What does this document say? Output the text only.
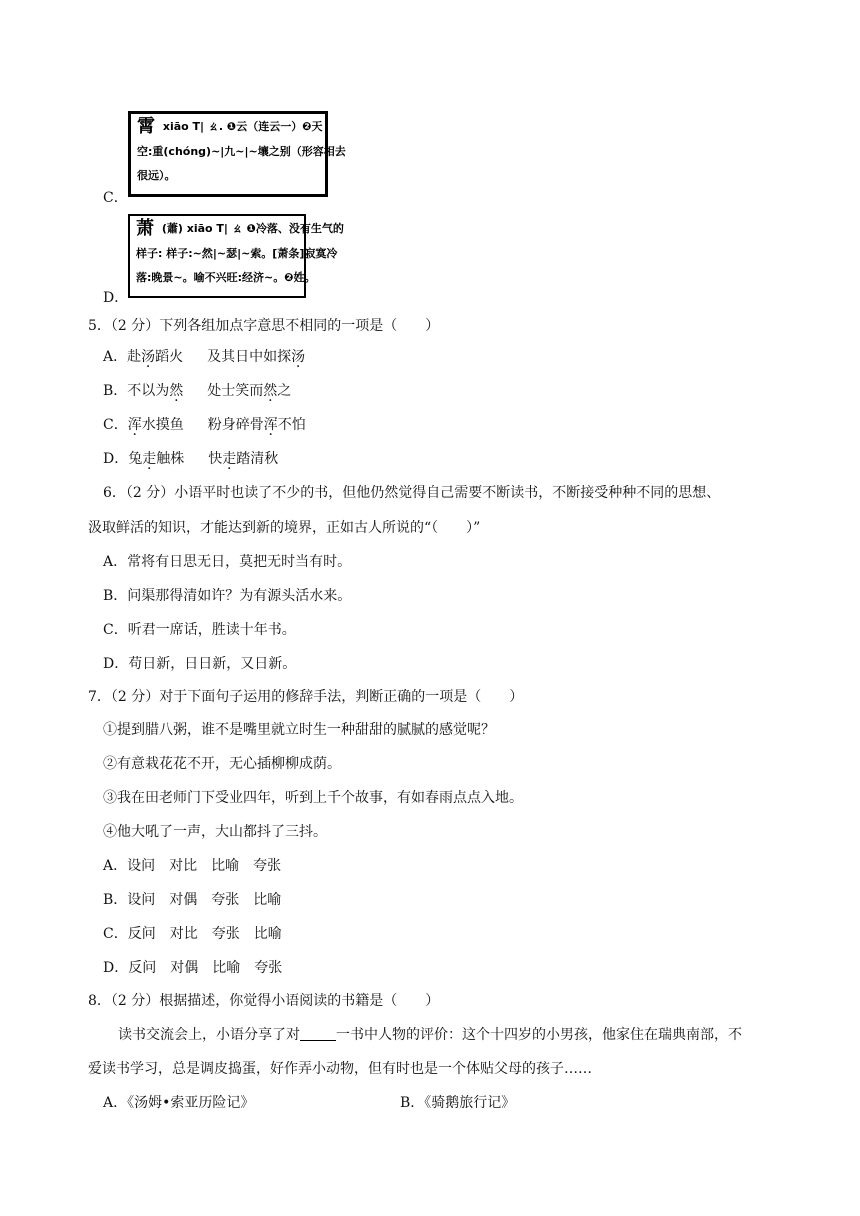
C．
霄 xiāo T| ㄠ. ❶云（连云一）❷天
空:重(chóng)~|九~|~壤之别（形容相去
很远）。
D．
萧 (蕭) xiāo T| ㄠ ❶冷落、没有生气的
样子: 样子:~然|~瑟|~索。[萧条]寂寞冷
落:晚景~。喻不兴旺:经济~。❷姓。
5．（2 分）下列各组加点字意思不相同的一项是（　　）
A．赴汤蹈火 及其日中如探汤
B．不以为然 处士笑而然之
C．浑水摸鱼 粉身碎骨浑不怕
D．兔走触株 快走踏清秋
6．（2 分）小语平时也读了不少的书，但他仍然觉得自己需要不断读书，不断接受种种不同的思想、
汲取鲜活的知识，才能达到新的境界，正如古人所说的“（　　）”
A．常将有日思无日，莫把无时当有时。
B．问渠那得清如许？为有源头活水来。
C．听君一席话，胜读十年书。
D．苟日新，日日新，又日新。
7．（2 分）对于下面句子运用的修辞手法，判断正确的一项是（　　）
①提到腊八粥，谁不是嘴里就立时生一种甜甜的腻腻的感觉呢？
②有意栽花花不开，无心插柳柳成荫。
③我在田老师门下受业四年，听到上千个故事，有如春雨点点入地。
④他大吼了一声，大山都抖了三抖。
A．设问　对比　比喻　夸张
B．设问　对偶　夸张　比喻
C．反问　对比　夸张　比喻
D．反问　对偶　比喻　夸张
8．（2 分）根据描述，你觉得小语阅读的书籍是（　　）
读书交流会上，小语分享了对	一书中人物的评价：这个十四岁的小男孩，他家住在瑞典南部，不
爱读书学习，总是调皮捣蛋，好作弄小动物，但有时也是一个体贴父母的孩子……
A．《汤姆•索亚历险记》	B．《骑鹅旅行记》
